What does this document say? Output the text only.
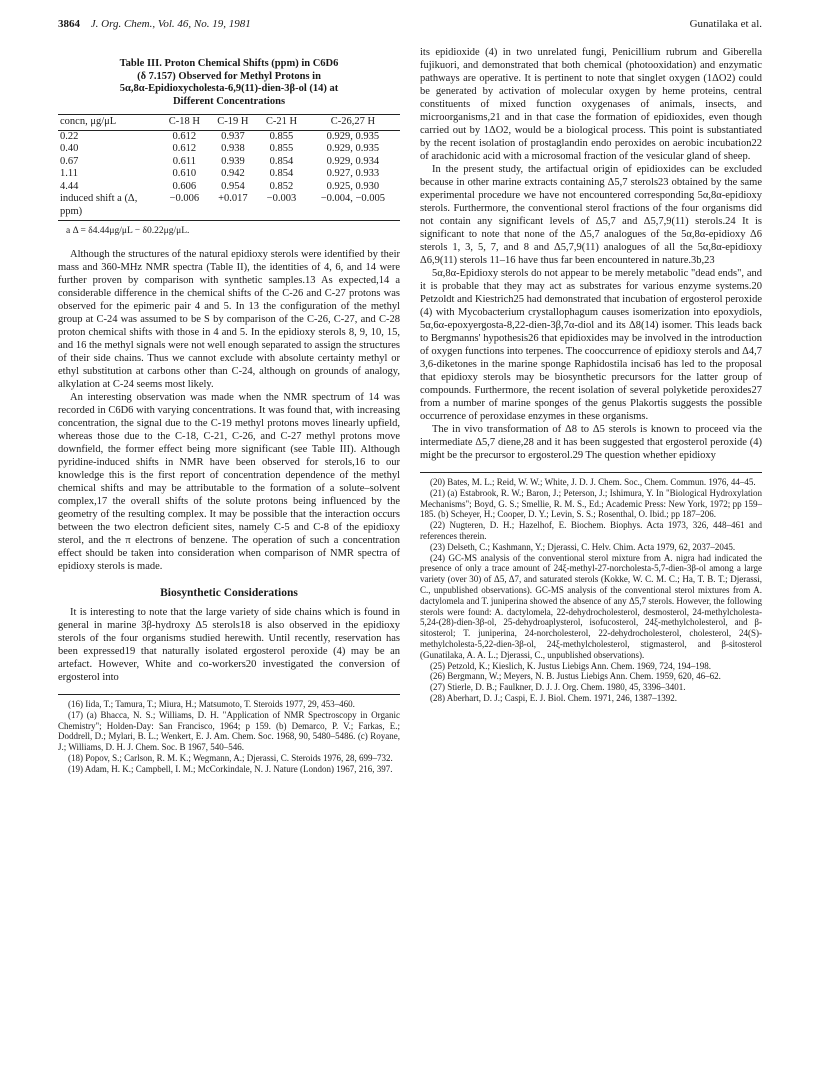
3864 J. Org. Chem., Vol. 46, No. 19, 1981	Gunatilaka et al.
Table III. Proton Chemical Shifts (ppm) in C6D6
(δ 7.157) Observed for Methyl Protons in
5α,8α-Epidioxycholesta-6,9(11)-dien-3β-ol (14) at
Different Concentrations
concn, μg/μL	C-18 H	C-19 H	C-21 H	C-26,27 H
0.22	0.612	0.937	0.855	0.929, 0.935
0.40	0.612	0.938	0.855	0.929, 0.935
0.67	0.611	0.939	0.854	0.929, 0.934
1.11	0.610	0.942	0.854	0.927, 0.933
4.44	0.606	0.954	0.852	0.925, 0.930
induced shift a (Δ, ppm)	−0.006	+0.017	−0.003	−0.004, −0.005
a Δ = δ4.44μg/μL − δ0.22μg/μL.

Although the structures of the natural epidioxy sterols were identified by their mass and 360-MHz NMR spectra (Table II), the identities of 4, 6, and 14 were further proven by comparison with synthetic samples.13 As expected,14 a considerable difference in the chemical shifts of the C-26 and C-27 protons was observed for the epimeric pair 4 and 5. In 13 the configuration of the methyl group at C-24 was assumed to be S by comparison of the C-26, C-27, and C-28 proton chemical shifts with those in 4 and 5. In the epidioxy sterols 8, 9, 10, 15, and 16 the methyl signals were not well enough separated to assign the structures of their side chains. Thus we cannot exclude with absolute certainty methyl or ethyl substitution at carbons other than C-24, although on grounds of analogy, alkylation at C-24 seems most likely.

An interesting observation was made when the NMR spectrum of 14 was recorded in C6D6 with varying concentrations. It was found that, with increasing concentration, the signal due to the C-19 methyl protons moves linearly upfield, whereas those due to the C-18, C-21, C-26, and C-27 methyl protons move downfield, the former effect being more significant (see Table III). Although pyridine-induced shifts in NMR have been observed for sterols,16 to our knowledge this is the first report of concentration dependence of the methyl chemical shifts and may be attributable to the formation of a solute–solvent complex,17 the overall shifts of the solute protons being influenced by the geometry of the resulting complex. It may be possible that the interaction occurs between the two electron deficient sites, namely C-5 and C-8 of the epidioxy sterol, and the π electrons of benzene. The operation of such a concentration effect should be taken into consideration when comparison of NMR spectra of epidioxy sterols is made.

Biosynthetic Considerations

It is interesting to note that the large variety of side chains which is found in general in marine 3β-hydroxy Δ5 sterols18 is also observed in the epidioxy sterols of the four organisms studied herewith. Until recently, reservation has been expressed19 that naturally isolated ergosterol peroxide (4) may be an artefact. However, White and co-workers20 investigated the conversion of ergosterol into

(16) Iida, T.; Tamura, T.; Miura, H.; Matsumoto, T. Steroids 1977, 29, 453–460.
(17) (a) Bhacca, N. S.; Williams, D. H. "Application of NMR Spectroscopy in Organic Chemistry"; Holden-Day: San Francisco, 1964; p 159. (b) Demarco, P. V.; Farkas, E.; Doddrell, D.; Mylari, B. L.; Wenkert, E. J. Am. Chem. Soc. 1968, 90, 5480–5486. (c) Royane, J.; Williams, D. H. J. Chem. Soc. B 1967, 540–546.
(18) Popov, S.; Carlson, R. M. K.; Wegmann, A.; Djerassi, C. Steroids 1976, 28, 699–732.
(19) Adam, H. K.; Campbell, I. M.; McCorkindale, N. J. Nature (London) 1967, 216, 397.

its epidioxide (4) in two unrelated fungi, Penicillium rubrum and Giberella fujikuori, and demonstrated that both chemical (photooxidation) and enzymatic pathways are operative. It is pertinent to note that singlet oxygen (1ΔO2) could be generated by activation of molecular oxygen by heme proteins, central constituents of mixed function oxygenases of animals, insects, and microorganisms,21 and in that case the formation of epidioxides, even though carried out by 1ΔO2, would be a biological process. This point is substantiated by the recent isolation of prostaglandin endo peroxides on aerobic incubation22 of arachidonic acid with a microsomal fraction of the vesicular gland of sheep.

In the present study, the artifactual origin of epidioxides can be excluded because in other marine extracts containing Δ5,7 sterols23 obtained by the same experimental procedure we have not encountered corresponding 5α,8α-epidioxy sterols. Furthermore, the conventional sterol fractions of the four organisms did not contain any significant levels of Δ5,7 and Δ5,7,9(11) sterols.24 It is significant to note that none of the Δ5,7 analogues of the 5α,8α-epidioxy Δ6 sterols 1, 3, 5, 7, and 8 and Δ5,7,9(11) analogues of all the 5α,8α-epidioxy Δ6,9(11) sterols 11–16 have thus far been encountered in nature.3b,23

5α,8α-Epidioxy sterols do not appear to be merely metabolic "dead ends", and it is probable that they may act as substrates for various enzyme systems.20 Petzoldt and Kiestrich25 had demonstrated that incubation of ergosterol peroxide (4) with Mycobacterium crystallophagum causes isomerization into epoxydiols, 5α,6α-epoxyergosta-8,22-dien-3β,7α-diol and its Δ8(14) isomer. This leads back to Bergmanns' hypothesis26 that epidioxides may be involved in the introduction of oxygen functions into terpenes. The cooccurrence of epidioxy sterols and Δ4,7 3,6-diketones in the marine sponge Raphidostila incisa6 has led to the proposal that epidioxy sterols may be biosynthetic precursors for the latter group of compounds. Furthermore, the recent isolation of several polyketide peroxides27 from a number of marine sponges of the genus Plakortis suggests the possible occurrence of peroxidase enzymes in these organisms.

The in vivo transformation of Δ8 to Δ5 sterols is known to proceed via the intermediate Δ5,7 diene,28 and it has been suggested that ergosterol peroxide (4) might be the precursor to ergosterol.29 The question whether epidioxy

(20) Bates, M. L.; Reid, W. W.; White, J. D. J. Chem. Soc., Chem. Commun. 1976, 44–45.
(21) (a) Estabrook, R. W.; Baron, J.; Peterson, J.; Ishimura, Y. In "Biological Hydroxylation Mechanisms"; Boyd, G. S.; Smellie, R. M. S., Ed.; Academic Press: New York, 1972; pp 159–185. (b) Scheyer, H.; Cooper, D. Y.; Levin, S. S.; Rosenthal, O. Ibid.; pp 187–206.
(22) Nugteren, D. H.; Hazelhof, E. Biochem. Biophys. Acta 1973, 326, 448–461 and references therein.
(23) Delseth, C.; Kashmann, Y.; Djerassi, C. Helv. Chim. Acta 1979, 62, 2037–2045.
(24) GC-MS analysis of the conventional sterol mixture from A. nigra had indicated the presence of only a trace amount of 24ξ-methyl-27-norcholesta-5,7-dien-3β-ol among a large variety (over 30) of Δ5, Δ7, and saturated sterols (Kokke, W. C. M. C.; Ha, T. B. T.; Djerassi, C., unpublished observations). GC-MS analysis of the conventional sterol mixtures from A. dactylomela and T. juniperina showed the absence of any Δ5,7 sterols. However, the following sterols were found: A. dactylomela, 22-dehydrocholesterol, desmosterol, 24-methylcholesta-5,24-(28)-dien-3β-ol, 25-dehydroaplysterol, isofucosterol, 24ξ-methylcholesterol, and β-sitosterol; T. juniperina, 24-norcholesterol, 22-dehydrocholesterol, cholesterol, 24(S)-methylcholesta-5,22-dien-3β-ol, 24ξ-methylcholesterol, stigmasterol, and β-sitosterol (Gunatilaka, A. A. L.; Djerassi, C., unpublished observations).
(25) Petzold, K.; Kieslich, K. Justus Liebigs Ann. Chem. 1969, 724, 194–198.
(26) Bergmann, W.; Meyers, N. B. Justus Liebigs Ann. Chem. 1959, 620, 46–62.
(27) Stierle, D. B.; Faulkner, D. J. J. Org. Chem. 1980, 45, 3396–3401.
(28) Aberhart, D. J.; Caspi, E. J. Biol. Chem. 1971, 246, 1387–1392.
